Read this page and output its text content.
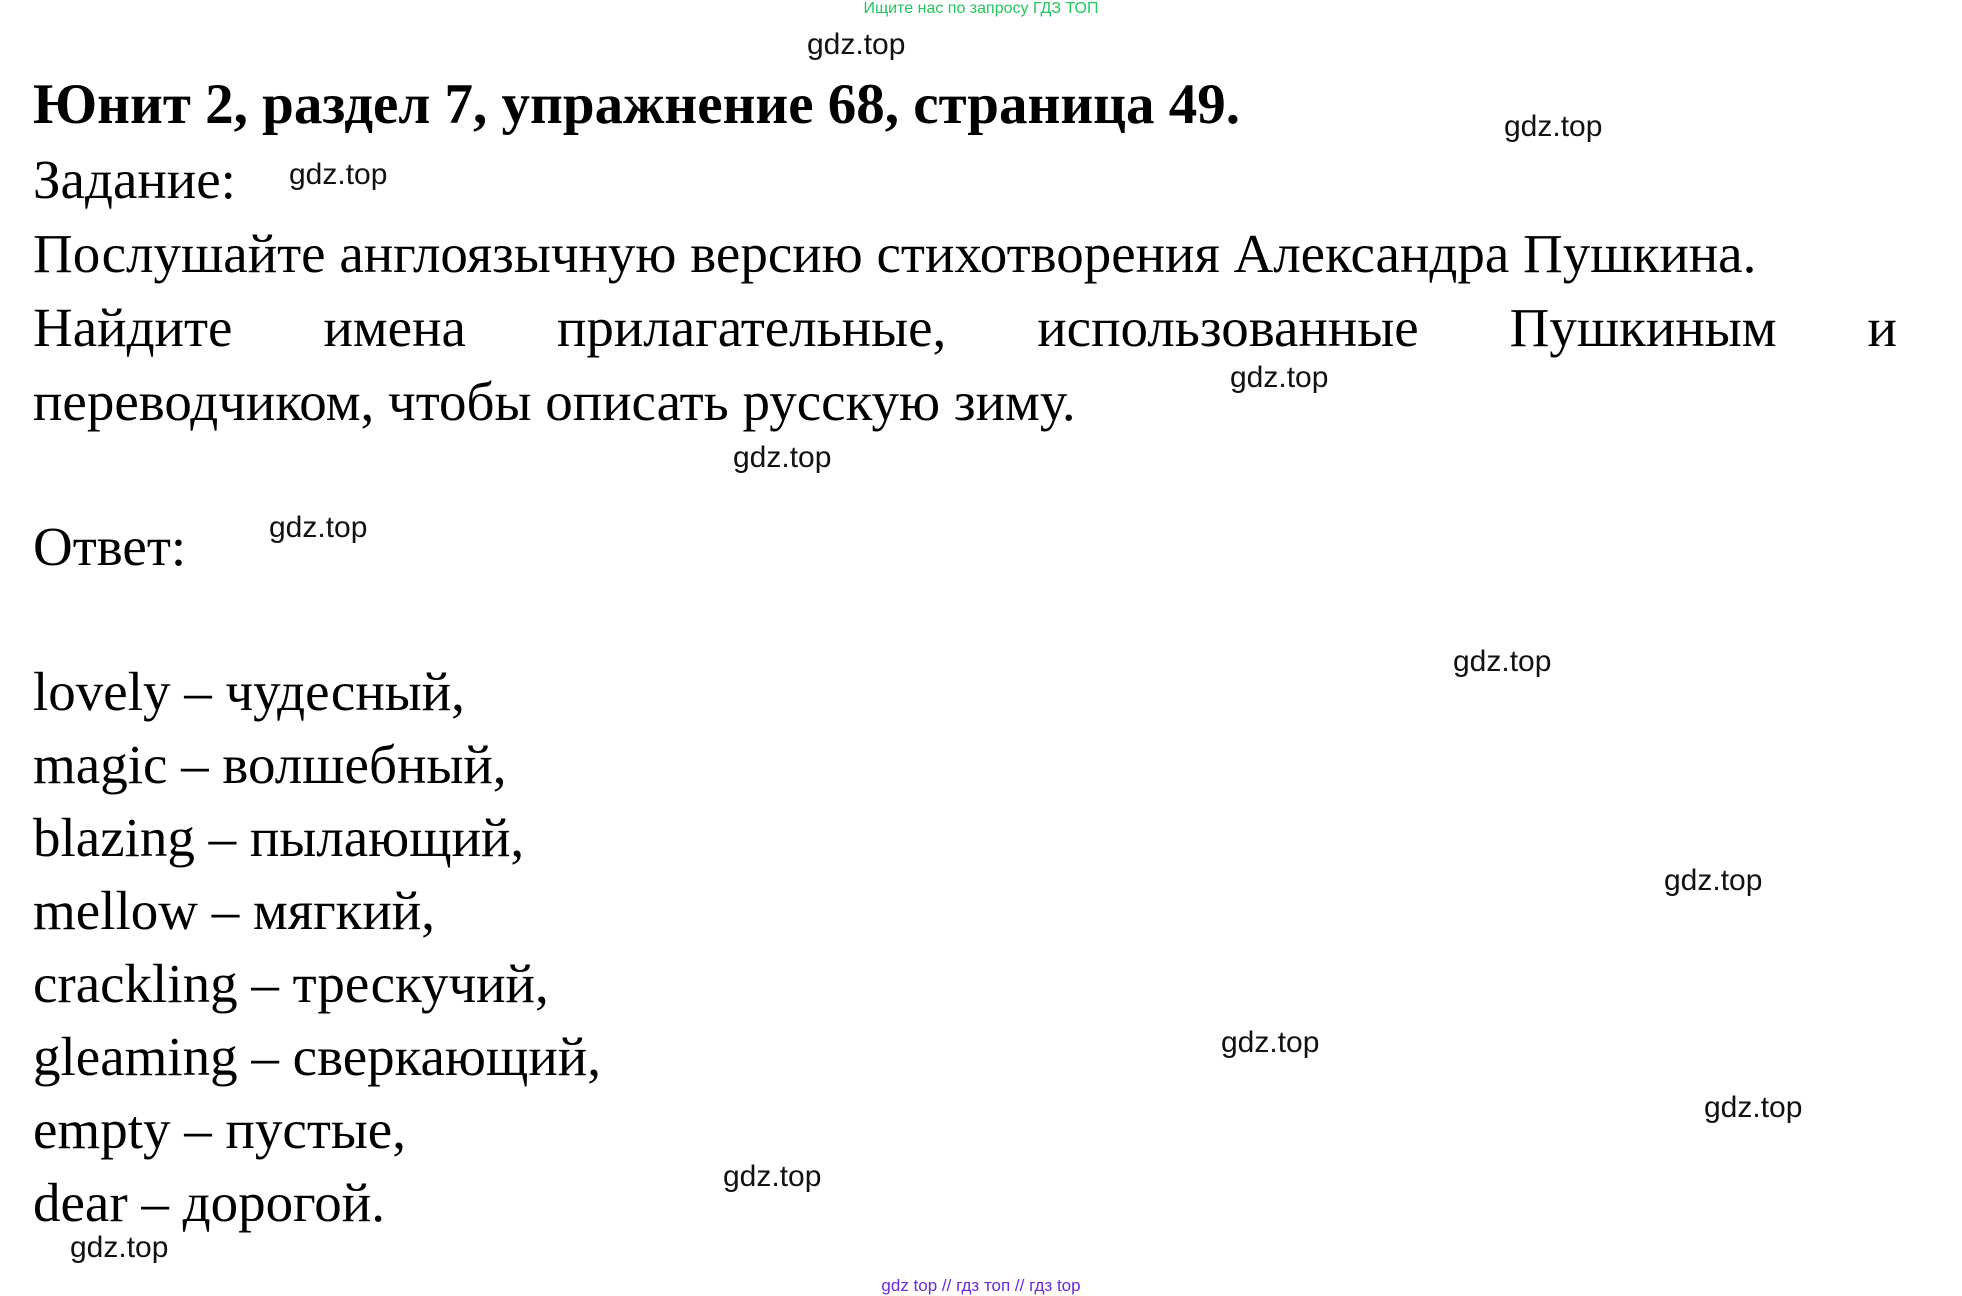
Ищите нас по запросу ГДЗ ТОП
Юнит 2, раздел 7, упражнение 68, страница 49.
Задание:
Послушайте англоязычную версию стихотворения Александра Пушкина.
Найдите имена прилагательные, использованные Пушкиным и
переводчиком, чтобы описать русскую зиму.
Ответ:
lovely – чудесный,
magic – волшебный,
blazing – пылающий,
mellow – мягкий,
crackling – трескучий,
gleaming – сверкающий,
empty – пустые,
dear – дорогой.
gdz.top
gdz.top
gdz.top
gdz.top
gdz.top
gdz.top
gdz.top
gdz.top
gdz.top
gdz.top
gdz.top
gdz.top
gdz top // гдз топ // гдз top
